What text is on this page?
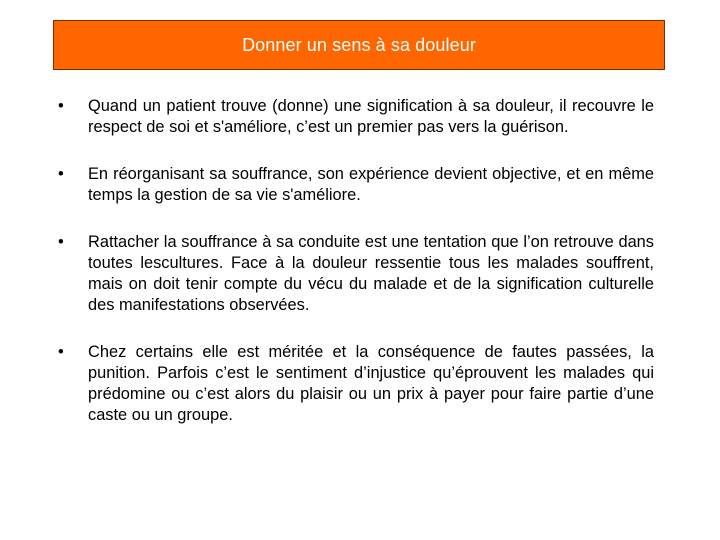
Donner un sens à sa douleur
•	Quand un patient trouve (donne) une signification à sa douleur, il recouvre le respect de soi et s'améliore, c’est un premier pas vers la guérison.
•	En réorganisant sa souffrance, son expérience devient objective, et en même temps la gestion de sa vie s'améliore.
•	Rattacher la souffrance à sa conduite est une tentation que l’on retrouve dans toutes lescultures. Face à la douleur ressentie tous les malades souffrent, mais on doit tenir compte du vécu du malade et de la signification culturelle des manifestations observées.
•	Chez certains elle est méritée et la conséquence de fautes passées, la punition. Parfois c’est le sentiment d’injustice qu’éprouvent les malades qui prédomine ou c’est alors du plaisir ou un prix à payer pour faire partie d’une caste ou un groupe.
